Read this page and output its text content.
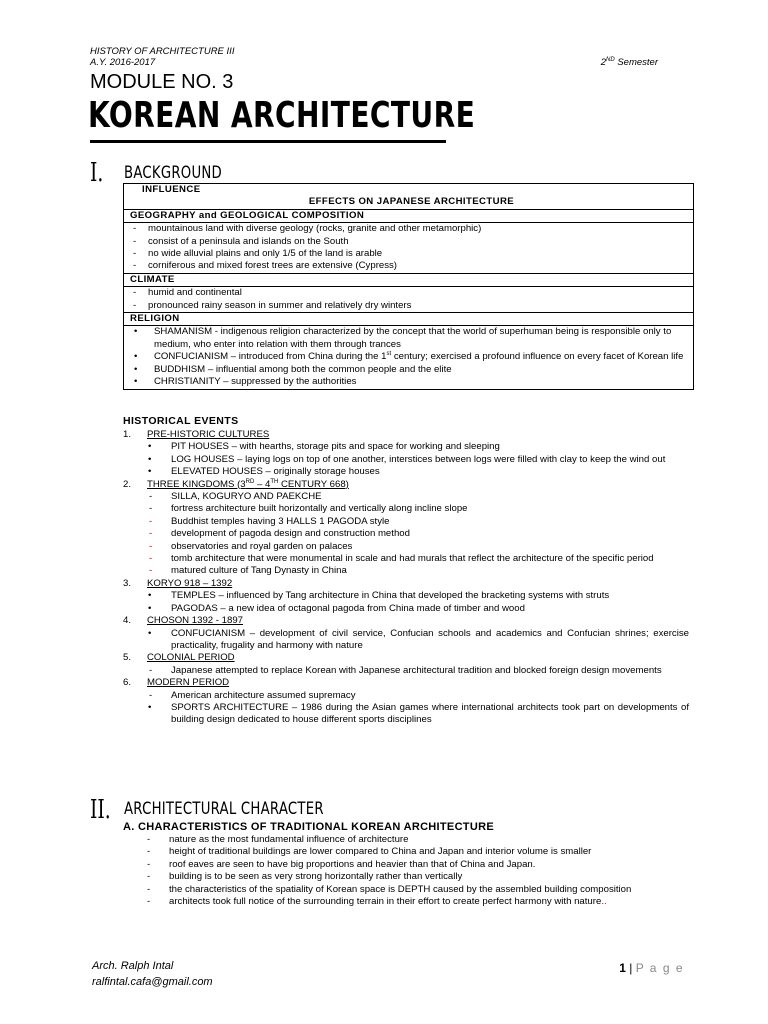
HISTORY OF ARCHITECTURE III
A.Y. 2016-2017	2ND Semester
MODULE NO. 3
KOREAN ARCHITECTURE
I. BACKGROUND
INFLUENCE
EFFECTS ON JAPANESE ARCHITECTURE

GEOGRAPHY and GEOLOGICAL COMPOSITION

- mountainous land with diverse geology (rocks, granite and other metamorphic)
- consist of a peninsula and islands on the South
- no wide alluvial plains and only 1/5 of the land is arable
- corniferous and mixed forest trees are extensive (Cypress)

CLIMATE

- humid and continental
- pronounced rainy season in summer and relatively dry winters

RELIGION

• SHAMANISM - indigenous religion characterized by the concept that the world of superhuman being is responsible only to medium, who enter into relation with them through trances
• CONFUCIANISM – introduced from China during the 1st century; exercised a profound influence on every facet of Korean life
• BUDDHISM – influential among both the common people and the elite
• CHRISTIANITY – suppressed by the authorities
HISTORICAL EVENTS
1. PRE-HISTORIC CULTURES
• PIT HOUSES – with hearths, storage pits and space for working and sleeping
• LOG HOUSES – laying logs on top of one another, interstices between logs were filled with clay to keep the wind out
• ELEVATED HOUSES – originally storage houses
2. THREE KINGDOMS (3RD – 4TH CENTURY 668)
- SILLA, KOGURYO AND PAEKCHE
- fortress architecture built horizontally and vertically along incline slope
- Buddhist temples having 3 HALLS 1 PAGODA style
- development of pagoda design and construction method
- observatories and royal garden on palaces
- tomb architecture that were monumental in scale and had murals that reflect the architecture of the specific period
- matured culture of Tang Dynasty in China
3. KORYO 918 – 1392
• TEMPLES – influenced by Tang architecture in China that developed the bracketing systems with struts
• PAGODAS – a new idea of octagonal pagoda from China made of timber and wood
4. CHOSON 1392 - 1897
• CONFUCIANISM – development of civil service, Confucian schools and academics and Confucian shrines; exercise practicality, frugality and harmony with nature
5. COLONIAL PERIOD
- Japanese attempted to replace Korean with Japanese architectural tradition and blocked foreign design movements
6. MODERN PERIOD
- American architecture assumed supremacy
• SPORTS ARCHITECTURE – 1986 during the Asian games where international architects took part on developments of building design dedicated to house different sports disciplines
II. ARCHITECTURAL CHARACTER
A. CHARACTERISTICS OF TRADITIONAL KOREAN ARCHITECTURE
- nature as the most fundamental influence of architecture
- height of traditional buildings are lower compared to China and Japan and interior volume is smaller
- roof eaves are seen to have big proportions and heavier than that of China and Japan.
- building is to be seen as very strong horizontally rather than vertically
- the characteristics of the spatiality of Korean space is DEPTH caused by the assembled building composition
- architects took full notice of the surrounding terrain in their effort to create perfect harmony with nature..
Arch. Ralph Intal
ralfintal.cafa@gmail.com
1 | P a g e
